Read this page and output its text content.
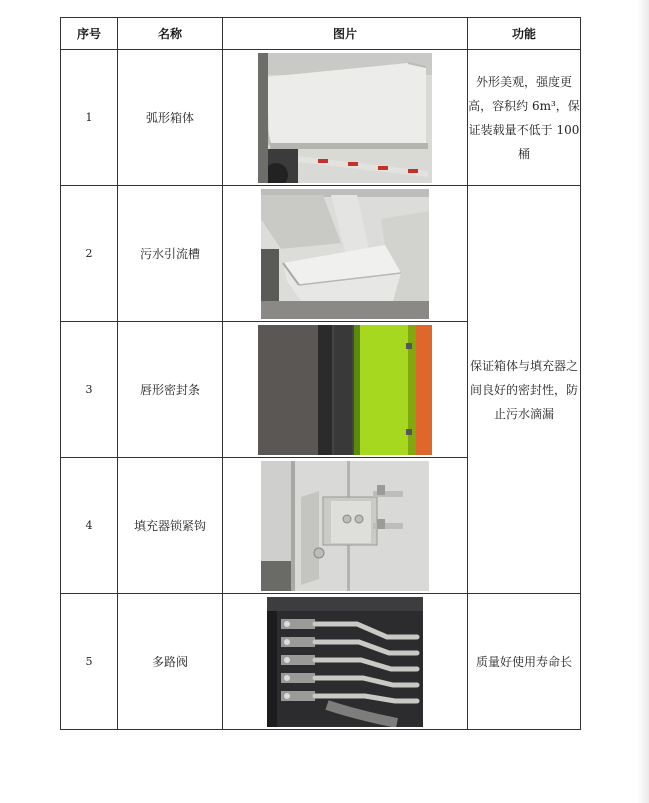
序号	名称	图片	功能
1	弧形箱体		外形美观，强度更高，容积约 6m³，保证装载量不低于 100 桶
2	污水引流槽		保证箱体与填充器之间良好的密封性，防止污水滴漏
3	唇形密封条	

4	填充器锁紧钩	

5	多路阀		质量好使用寿命长
